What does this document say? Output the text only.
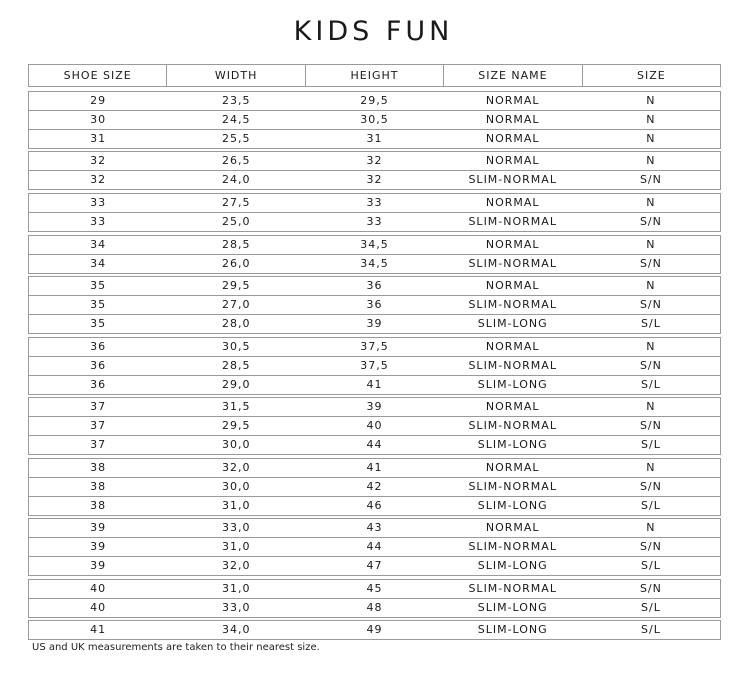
KIDS FUN
SHOE SIZE	WIDTH	HEIGHT	SIZE NAME	SIZE
29	23,5	29,5	NORMAL	N
30	24,5	30,5	NORMAL	N
31	25,5	31	NORMAL	N
32	26,5	32	NORMAL	N
32	24,0	32	SLIM-NORMAL	S/N
33	27,5	33	NORMAL	N
33	25,0	33	SLIM-NORMAL	S/N
34	28,5	34,5	NORMAL	N
34	26,0	34,5	SLIM-NORMAL	S/N
35	29,5	36	NORMAL	N
35	27,0	36	SLIM-NORMAL	S/N
35	28,0	39	SLIM-LONG	S/L
36	30,5	37,5	NORMAL	N
36	28,5	37,5	SLIM-NORMAL	S/N
36	29,0	41	SLIM-LONG	S/L
37	31,5	39	NORMAL	N
37	29,5	40	SLIM-NORMAL	S/N
37	30,0	44	SLIM-LONG	S/L
38	32,0	41	NORMAL	N
38	30,0	42	SLIM-NORMAL	S/N
38	31,0	46	SLIM-LONG	S/L
39	33,0	43	NORMAL	N
39	31,0	44	SLIM-NORMAL	S/N
39	32,0	47	SLIM-LONG	S/L
40	31,0	45	SLIM-NORMAL	S/N
40	33,0	48	SLIM-LONG	S/L
41	34,0	49	SLIM-LONG	S/L
US and UK measurements are taken to their nearest size.
